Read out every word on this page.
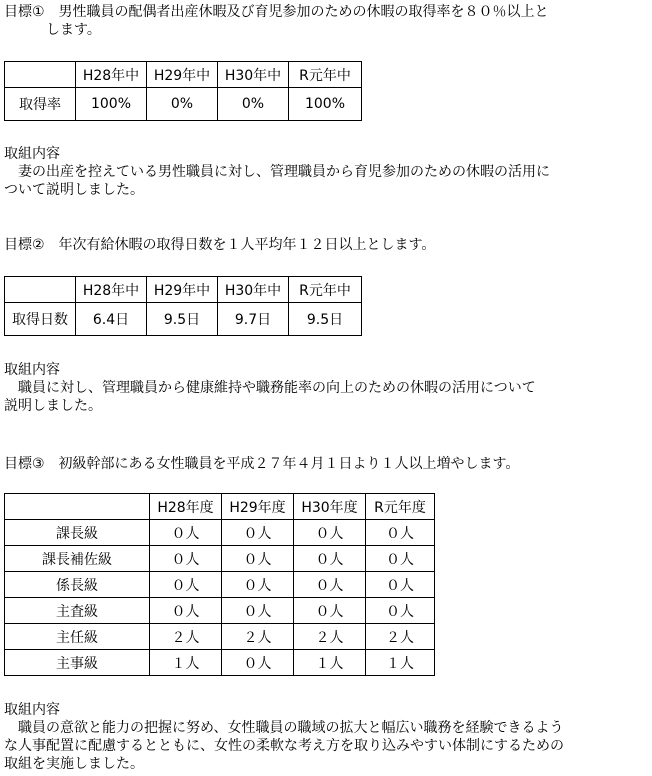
目標①　男性職員の配偶者出産休暇及び育児参加のための休暇の取得率を８０％以上と
　　　します。
	H28年中	H29年中	H30年中	R元年中
取得率	100%	0%	0%	100%
取組内容
　妻の出産を控えている男性職員に対し、管理職員から育児参加のための休暇の活用に
ついて説明しました。
目標②　年次有給休暇の取得日数を１人平均年１２日以上とします。
	H28年中	H29年中	H30年中	R元年中
取得日数	6.4日	9.5日	9.7日	9.5日
取組内容
　職員に対し、管理職員から健康維持や職務能率の向上のための休暇の活用について
説明しました。
目標③　初級幹部にある女性職員を平成２７年４月１日より１人以上増やします。
	H28年度	H29年度	H30年度	R元年度
課長級	０人	０人	０人	０人
課長補佐級	０人	０人	０人	０人
係長級	０人	０人	０人	０人
主査級	０人	０人	０人	０人
主任級	２人	２人	２人	２人
主事級	１人	０人	１人	１人
取組内容
　職員の意欲と能力の把握に努め、女性職員の職域の拡大と幅広い職務を経験できるよう
な人事配置に配慮するとともに、女性の柔軟な考え方を取り込みやすい体制にするための
取組を実施しました。
